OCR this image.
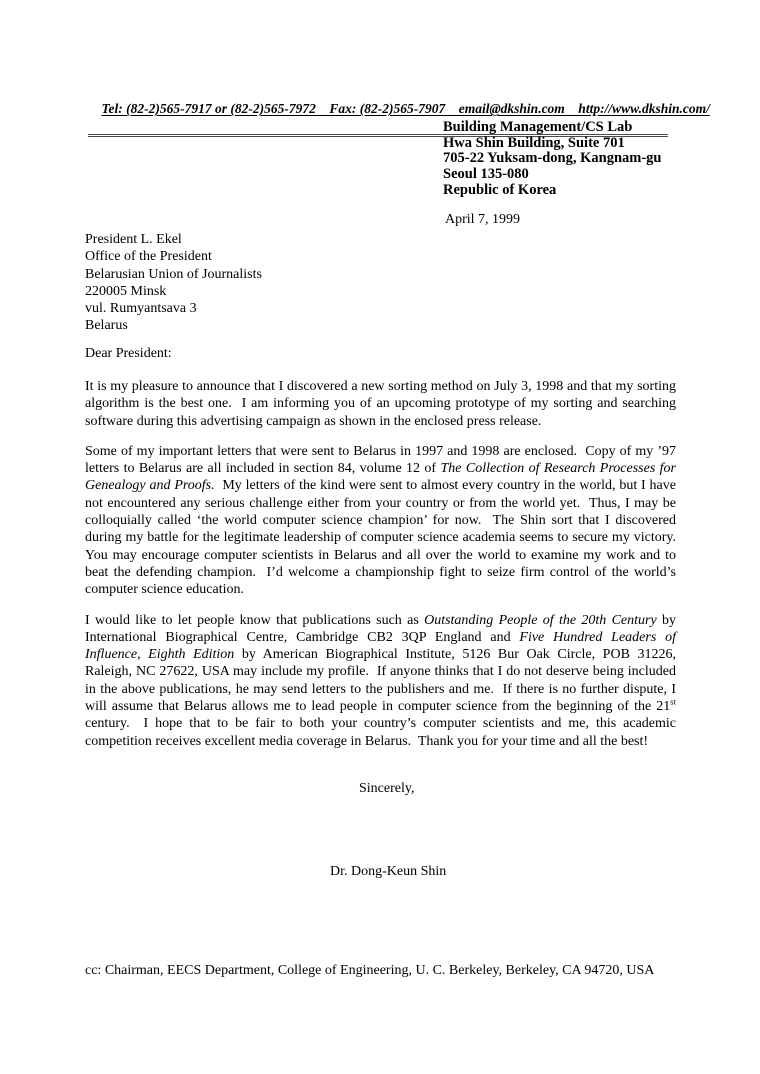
Tel: (82-2)565-7917 or (82-2)565-7972    Fax: (82-2)565-7907    email@dkshin.com    http://www.dkshin.com/

Building Management/CS Lab
Hwa Shin Building, Suite 701
705-22 Yuksam-dong, Kangnam-gu
Seoul 135-080
Republic of Korea
April 7, 1999
President L. Ekel
Office of the President
Belarusian Union of Journalists
220005 Minsk
vul. Rumyantsava 3
Belarus
Dear President:

It is my pleasure to announce that I discovered a new sorting method on July 3, 1998 and that my sorting algorithm is the best one.  I am informing you of an upcoming prototype of my sorting and searching software during this advertising campaign as shown in the enclosed press release.

Some of my important letters that were sent to Belarus in 1997 and 1998 are enclosed.  Copy of my ’97 letters to Belarus are all included in section 84, volume 12 of The Collection of Research Processes for Genealogy and Proofs.  My letters of the kind were sent to almost every country in the world, but I have not encountered any serious challenge either from your country or from the world yet.  Thus, I may be colloquially called ‘the world computer science champion’ for now.  The Shin sort that I discovered during my battle for the legitimate leadership of computer science academia seems to secure my victory.  You may encourage computer scientists in Belarus and all over the world to examine my work and to beat the defending champion.  I’d welcome a championship fight to seize firm control of the world’s computer science education.

I would like to let people know that publications such as Outstanding People of the 20th Century by International Biographical Centre, Cambridge CB2 3QP England and Five Hundred Leaders of Influence, Eighth Edition by American Biographical Institute, 5126 Bur Oak Circle, POB 31226, Raleigh, NC 27622, USA may include my profile.  If anyone thinks that I do not deserve being included in the above publications, he may send letters to the publishers and me.  If there is no further dispute, I will assume that Belarus allows me to lead people in computer science from the beginning of the 21st century.  I hope that to be fair to both your country’s computer scientists and me, this academic competition receives excellent media coverage in Belarus.  Thank you for your time and all the best!

Sincerely,
Dr. Dong-Keun Shin
cc: Chairman, EECS Department, College of Engineering, U. C. Berkeley, Berkeley, CA 94720, USA
